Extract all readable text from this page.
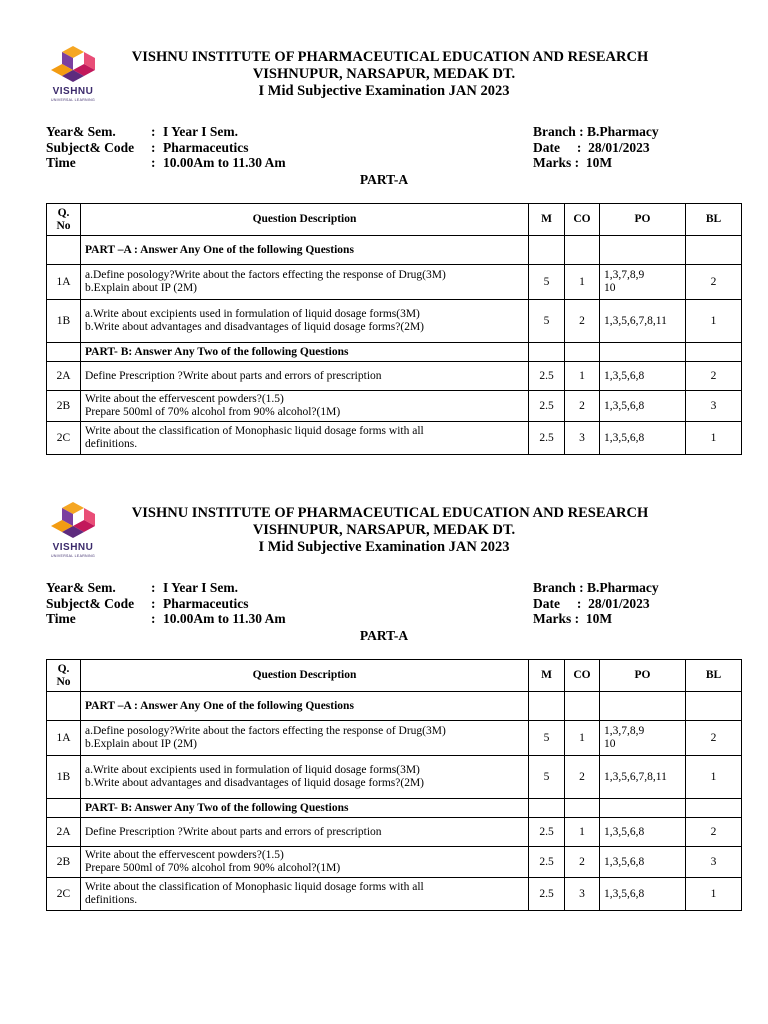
VISHNU
UNIVERSAL LEARNING
VISHNU INSTITUTE OF PHARMACEUTICAL EDUCATION AND RESEARCH
VISHNUPUR, NARSAPUR, MEDAK DT.
I Mid Subjective Examination JAN 2023
Year& Sem.	: I Year I Sem.
Subject& Code : Pharmaceutics
Time	: 10.00Am to 11.30 Am
Branch : B.Pharmacy
Date : 28/01/2023
Marks : 10M
PART-A
Q.
No	Question Description	M	CO	PO	BL
	PART –A : Answer Any One of the following Questions				
1A	a.Define posology?Write about the factors effecting the response of Drug(3M)
b.Explain about IP (2M)	5	1	1,3,7,8,9
10	2
1B	a.Write about excipients used in formulation of liquid dosage forms(3M)
b.Write about advantages and disadvantages of liquid dosage forms?(2M)	5	2	1,3,5,6,7,8,11	1
	PART- B: Answer Any Two of the following Questions				
2A	Define Prescription ?Write about parts and errors of prescription	2.5	1	1,3,5,6,8	2
2B	Write about the effervescent powders?(1.5)
Prepare 500ml of 70% alcohol from 90% alcohol?(1M)	2.5	2	1,3,5,6,8	3
2C	Write about the classification of Monophasic liquid dosage forms with all
definitions.	2.5	3	1,3,5,6,8	1
VISHNU
UNIVERSAL LEARNING
VISHNU INSTITUTE OF PHARMACEUTICAL EDUCATION AND RESEARCH
VISHNUPUR, NARSAPUR, MEDAK DT.
I Mid Subjective Examination JAN 2023
Year& Sem.	: I Year I Sem.
Subject& Code : Pharmaceutics
Time	: 10.00Am to 11.30 Am
Branch : B.Pharmacy
Date : 28/01/2023
Marks : 10M
PART-A
Q.
No	Question Description	M	CO	PO	BL
	PART –A : Answer Any One of the following Questions				
1A	a.Define posology?Write about the factors effecting the response of Drug(3M)
b.Explain about IP (2M)	5	1	1,3,7,8,9
10	2
1B	a.Write about excipients used in formulation of liquid dosage forms(3M)
b.Write about advantages and disadvantages of liquid dosage forms?(2M)	5	2	1,3,5,6,7,8,11	1
	PART- B: Answer Any Two of the following Questions				
2A	Define Prescription ?Write about parts and errors of prescription	2.5	1	1,3,5,6,8	2
2B	Write about the effervescent powders?(1.5)
Prepare 500ml of 70% alcohol from 90% alcohol?(1M)	2.5	2	1,3,5,6,8	3
2C	Write about the classification of Monophasic liquid dosage forms with all
definitions.	2.5	3	1,3,5,6,8	1
